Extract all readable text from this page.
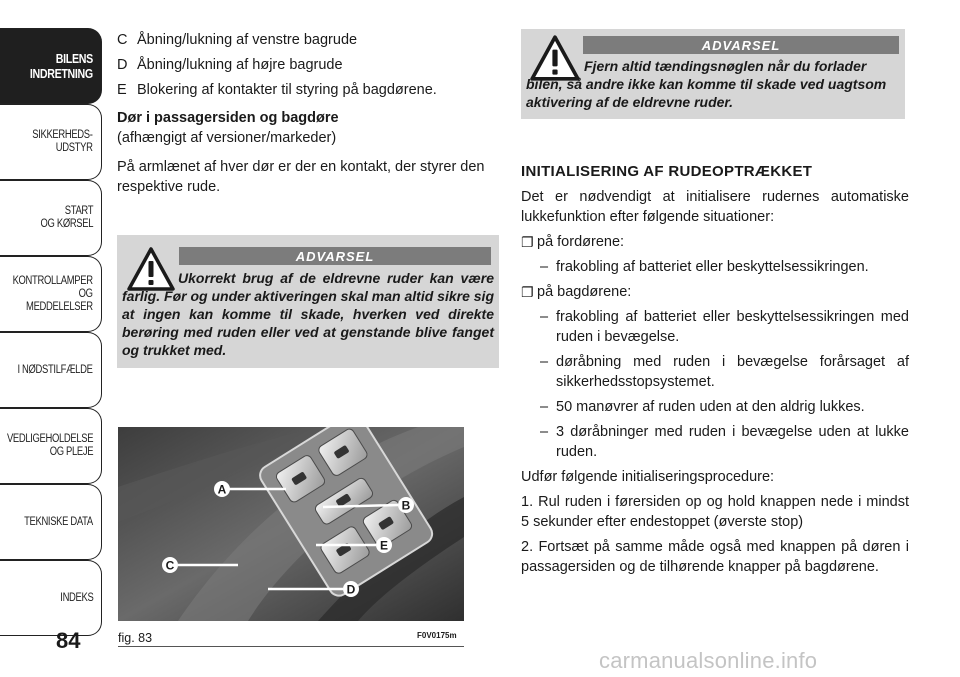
BILENS
INDRETNING
SIKKERHEDS-
UDSTYR
START
OG KØRSEL
KONTROLLAMPER
OG MEDDELELSER
I NØDSTILFÆLDE
VEDLIGEHOLDELSE
OG PLEJE
TEKNISKE DATA
INDEKS
84
C Åbning/lukning af venstre bagrude
D Åbning/lukning af højre bagrude
E Blokering af kontakter til styring på bagdørene.
Dør i passagersiden og bagdøre
(afhængigt af versioner/markeder)
På armlænet af hver dør er der en kontakt, der styrer den respektive rude.
ADVARSEL
Ukorrekt brug af de eldrevne ruder kan være farlig. Før og under aktiveringen skal man altid sikre sig at ingen kan komme til skade, hverken ved direkte berøring med ruden eller ved at genstande blive fanget og trukket med.
A
B
C
D
E
fig. 83	F0V0175m
ADVARSEL
Fjern altid tændingsnøglen når du forlader bilen, så andre ikke kan komme til skade ved uagtsom aktivering af de eldrevne ruder.
INITIALISERING AF RUDEOPTRÆKKET
Det er nødvendigt at initialisere rudernes automatiske lukkefunktion efter følgende situationer:
❐ på fordørene:
– frakobling af batteriet eller beskyttelsessikringen.
❐ på bagdørene:
– frakobling af batteriet eller beskyttelsessikringen med ruden i bevægelse.
– døråbning med ruden i bevægelse forårsaget af sikkerhedsstopsystemet.
– 50 manøvrer af ruden uden at den aldrig lukkes.
– 3 døråbninger med ruden i bevægelse uden at lukke ruden.
Udfør følgende initialiseringsprocedure:
1. Rul ruden i førersiden op og hold knappen nede i mindst 5 sekunder efter endestoppet (øverste stop)
2. Fortsæt på samme måde også med knappen på døren i passagersiden og de tilhørende knapper på bagdørene.
carmanualsonline.info
